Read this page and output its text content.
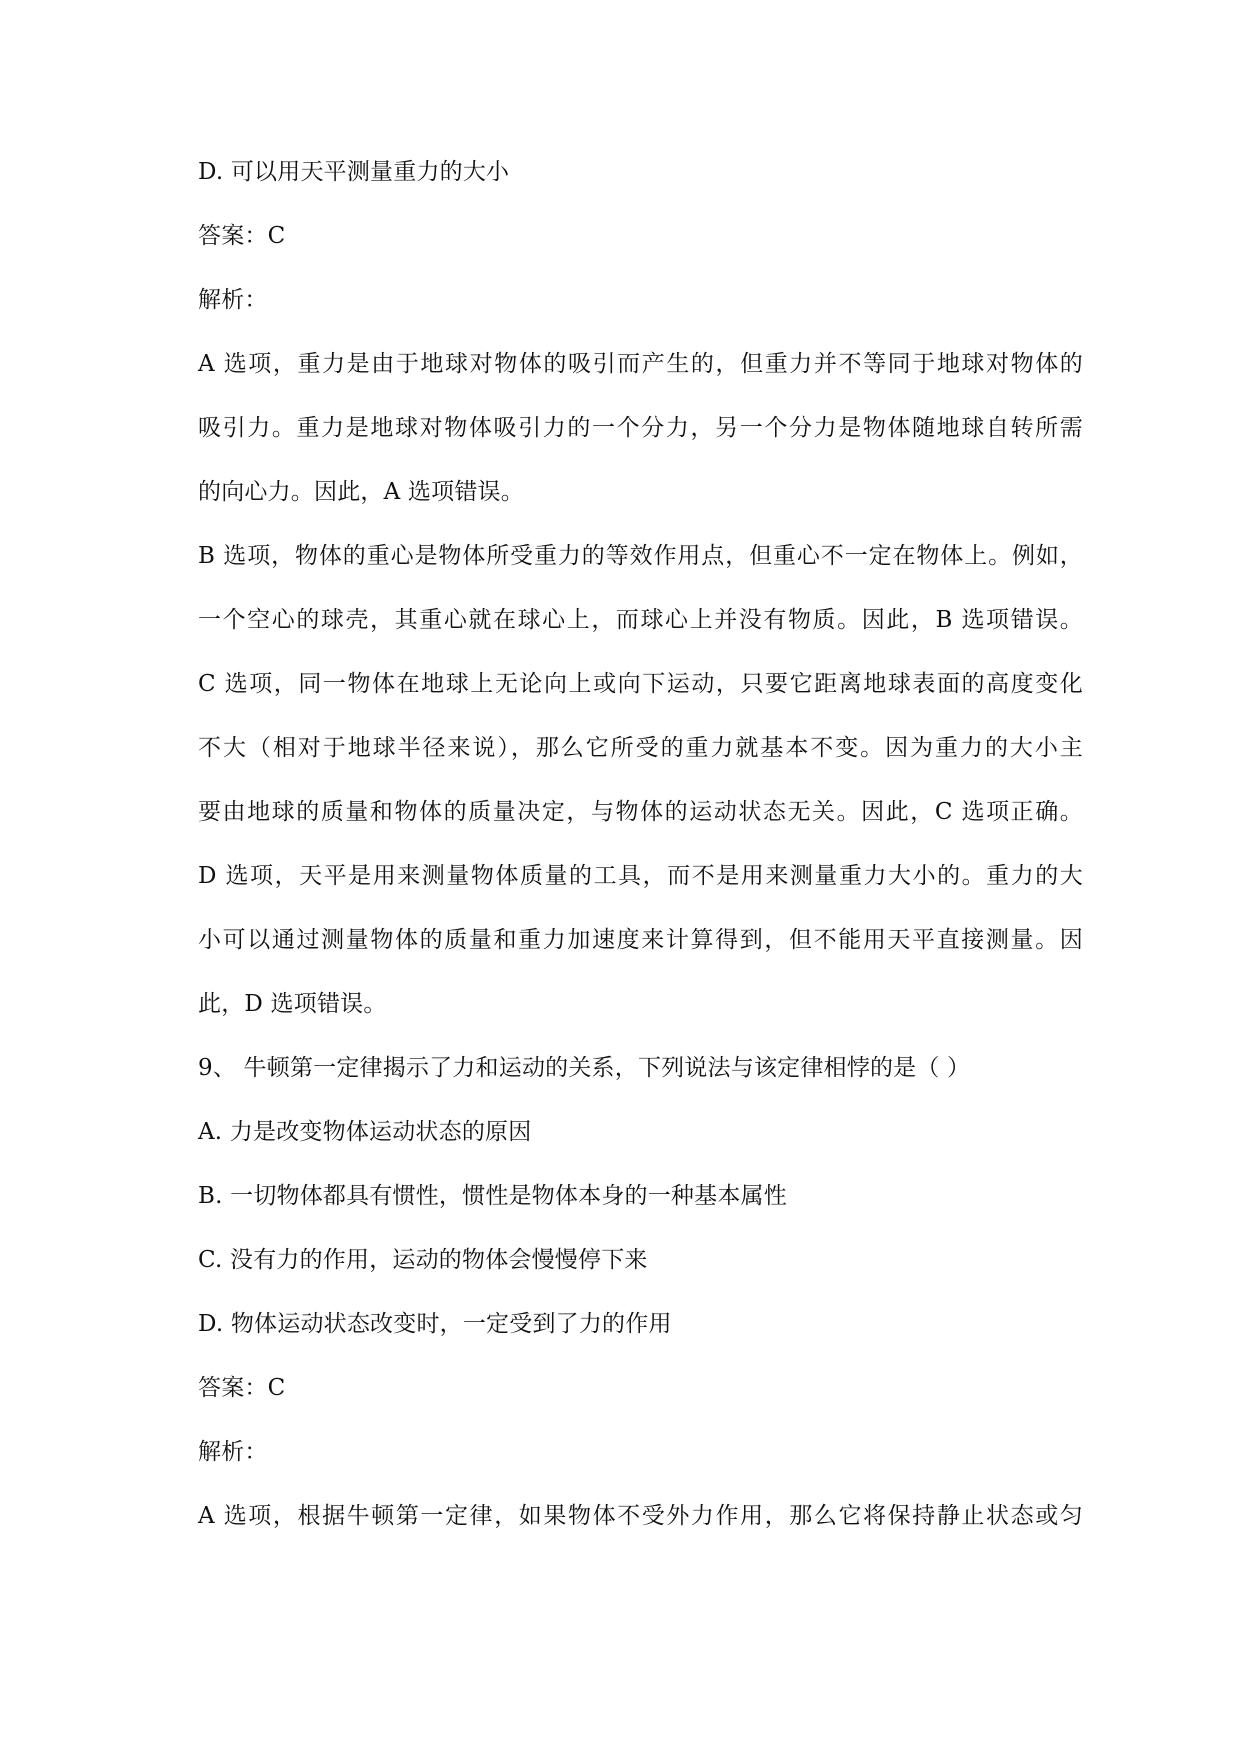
D. 可以用天平测量重力的大小
答案：C
解析：
A 选项，重力是由于地球对物体的吸引而产生的，但重力并不等同于地球对物体的
吸引力。重力是地球对物体吸引力的一个分力，另一个分力是物体随地球自转所需
的向心力。因此，A 选项错误。
B 选项，物体的重心是物体所受重力的等效作用点，但重心不一定在物体上。例如，
一个空心的球壳，其重心就在球心上，而球心上并没有物质。因此，B 选项错误。
C 选项，同一物体在地球上无论向上或向下运动，只要它距离地球表面的高度变化
不大（相对于地球半径来说），那么它所受的重力就基本不变。因为重力的大小主
要由地球的质量和物体的质量决定，与物体的运动状态无关。因此，C 选项正确。
D 选项，天平是用来测量物体质量的工具，而不是用来测量重力大小的。重力的大
小可以通过测量物体的质量和重力加速度来计算得到，但不能用天平直接测量。因
此，D 选项错误。
9、 牛顿第一定律揭示了力和运动的关系，下列说法与该定律相悖的是（ ）
A. 力是改变物体运动状态的原因
B. 一切物体都具有惯性，惯性是物体本身的一种基本属性
C. 没有力的作用，运动的物体会慢慢停下来
D. 物体运动状态改变时，一定受到了力的作用
答案：C
解析：
A 选项，根据牛顿第一定律，如果物体不受外力作用，那么它将保持静止状态或匀
